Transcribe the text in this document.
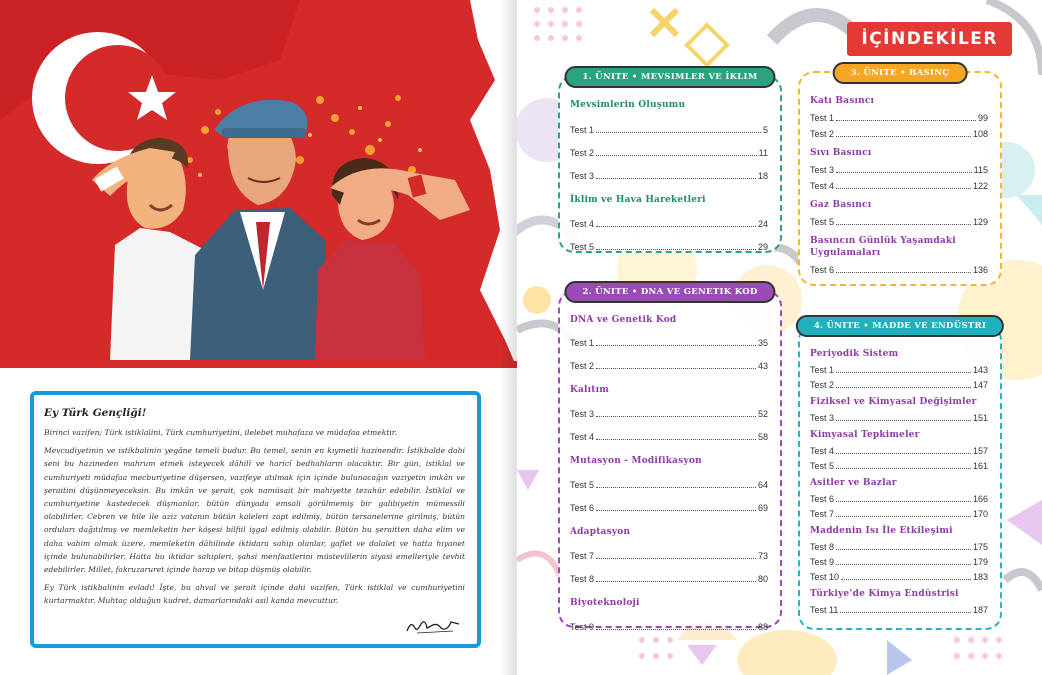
Ey Türk Gençliği!

Birinci vazifen; Türk istiklalini, Türk cumhuriyetini, ilelebet muhafaza ve müdafaa etmektir.

Mevcudiyetinin ve istikbalinin yegâne temeli budur. Bu temel, senin en kıymetli hazinendir. İstikbalde dahi seni bu hazineden mahrum etmek isteyecek dâhilî ve haricî bedhahların olacaktır. Bir gün, istiklal ve cumhuriyeti müdafaa mecburiyetine düşersen, vazifeye atılmak için içinde bulunacağın vaziyetin imkân ve şeraitini düşünmeyeceksin. Bu imkân ve şerait, çok namüsait bir mahiyette tezahür edebilir. İstiklal ve cumhuriyetine kastedecek düşmanlar, bütün dünyada emsali görülmemiş bir galibiyetin mümessili olabilirler. Cebren ve hile ile aziz vatanın bütün kaleleri zapt edilmiş, bütün tersanelerine girilmiş, bütün orduları dağıtılmış ve memleketin her köşesi bilfiil işgal edilmiş olabilir. Bütün bu şeraitten daha elim ve daha vahim olmak üzere, memleketin dâhilinde iktidara sahip olanlar, gaflet ve dalalet ve hatta hıyanet içinde bulunabilirler. Hatta bu iktidar sahipleri, şahsi menfaatlerini müstevlilerin siyasi emelleriyle tevhit edebilirler. Millet, fakruzaruret içinde harap ve bitap düşmüş olabilir.

Ey Türk istikbalinin evladı! İşte, bu ahval ve şerait içinde dahi vazifen, Türk istiklal ve cumhuriyetini kurtarmaktır. Muhtaç olduğun kudret, damarlarındaki asil kanda mevcuttur.

İÇİNDEKİLER
1. ÜNITE • MEVSIMLER VE İKLIM
Mevsimlerin Oluşumu
Test 1	5
Test 2	11
Test 3	18
İklim ve Hava Hareketleri
Test 4	24
Test 5	29
2. ÜNITE • DNA VE GENETIK KOD
DNA ve Genetik Kod
Test 1	35
Test 2	43
Kalıtım
Test 3	52
Test 4	58
Mutasyon - Modifikasyon
Test 5	64
Test 6	69
Adaptasyon
Test 7	73
Test 8	80
Biyoteknoloji
Test 9	88
3. ÜNITE • BASINÇ
Katı Basıncı
Test 1	99
Test 2	108
Sıvı Basıncı
Test 3	115
Test 4	122
Gaz Basıncı
Test 5	129
Basıncın Günlük Yaşamdaki Uygulamaları
Test 6	136
4. ÜNITE • MADDE VE ENDÜSTRI
Periyodik Sistem
Test 1	143
Test 2	147
Fiziksel ve Kimyasal Değişimler
Test 3	151
Kimyasal Tepkimeler
Test 4	157
Test 5	161
Asitler ve Bazlar
Test 6	166
Test 7	170
Maddenin Isı İle Etkileşimi
Test 8	175
Test 9	179
Test 10	183
Türkiye’de Kimya Endüstrisi
Test 11	187
